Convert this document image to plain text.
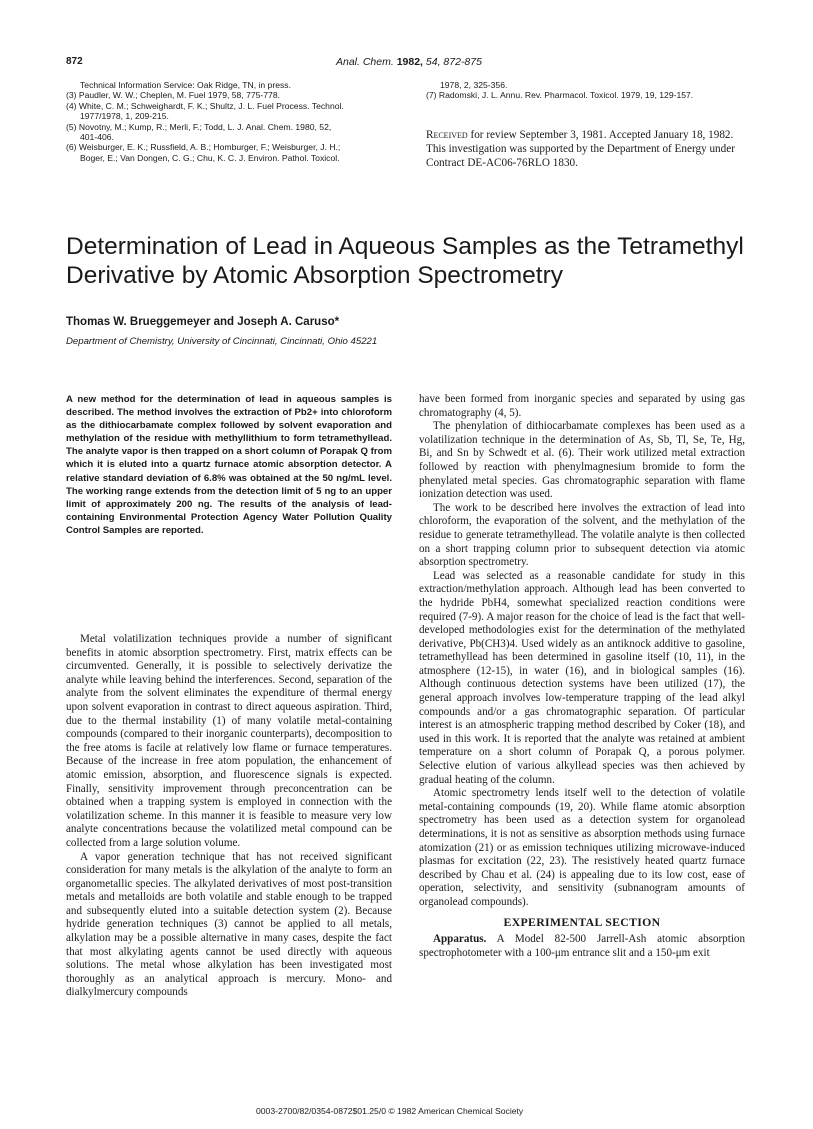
872	Anal. Chem. 1982, 54, 872-875
Technical Information Service: Oak Ridge, TN, in press.
(3) Paudler, W. W.; Cheplen, M. Fuel 1979, 58, 775-778.
(4) White, C. M.; Schweighardt, F. K.; Shultz, J. L. Fuel Process. Technol.
1977/1978, 1, 209-215.
(5) Novotny, M.; Kump, R.; Merli, F.; Todd, L. J. Anal. Chem. 1980, 52,
401-406.
(6) Weisburger, E. K.; Russfield, A. B.; Homburger, F.; Weisburger, J. H.;
Boger, E.; Van Dongen, C. G.; Chu, K. C. J. Environ. Pathol. Toxicol.
1978, 2, 325-356.
(7) Radomski, J. L. Annu. Rev. Pharmacol. Toxicol. 1979, 19, 129-157.
Received for review September 3, 1981. Accepted January 18, 1982. This investigation was supported by the Department of Energy under Contract DE-AC06-76RLO 1830.
Determination of Lead in Aqueous Samples as the Tetramethyl Derivative by Atomic Absorption Spectrometry
Thomas W. Brueggemeyer and Joseph A. Caruso*
Department of Chemistry, University of Cincinnati, Cincinnati, Ohio 45221
A new method for the determination of lead in aqueous samples is described. The method involves the extraction of Pb2+ into chloroform as the dithiocarbamate complex followed by solvent evaporation and methylation of the residue with methyllithium to form tetramethyllead. The analyte vapor is then trapped on a short column of Porapak Q from which it is eluted into a quartz furnace atomic absorption detector. A relative standard deviation of 6.8% was obtained at the 50 ng/mL level. The working range extends from the detection limit of 5 ng to an upper limit of approximately 200 ng. The results of the analysis of lead-containing Environmental Protection Agency Water Pollution Quality Control Samples are reported.

Metal volatilization techniques provide a number of significant benefits in atomic absorption spectrometry. First, matrix effects can be circumvented. Generally, it is possible to selectively derivatize the analyte while leaving behind the interferences. Second, separation of the analyte from the solvent eliminates the expenditure of thermal energy upon solvent evaporation in contrast to direct aqueous aspiration. Third, due to the thermal instability (1) of many volatile metal-containing compounds (compared to their inorganic counterparts), decomposition to the free atoms is facile at relatively low flame or furnace temperatures. Because of the increase in free atom population, the enhancement of atomic emission, absorption, and fluorescence signals is expected. Finally, sensitivity improvement through preconcentration can be obtained when a trapping system is employed in connection with the volatilization scheme. In this manner it is feasible to measure very low analyte concentrations because the volatilized metal compound can be collected from a large solution volume.

A vapor generation technique that has not received significant consideration for many metals is the alkylation of the analyte to form an organometallic species. The alkylated derivatives of most post-transition metals and metalloids are both volatile and stable enough to be trapped and subsequently eluted into a suitable detection system (2). Because hydride generation techniques (3) cannot be applied to all metals, alkylation may be a possible alternative in many cases, despite the fact that most alkylating agents cannot be used directly with aqueous solutions. The metal whose alkylation has been investigated most thoroughly as an analytical approach is mercury. Mono- and dialkylmercury compounds

have been formed from inorganic species and separated by using gas chromatography (4, 5).

The phenylation of dithiocarbamate complexes has been used as a volatilization technique in the determination of As, Sb, Tl, Se, Te, Hg, Bi, and Sn by Schwedt et al. (6). Their work utilized metal extraction followed by reaction with phenylmagnesium bromide to form the phenylated metal species. Gas chromatographic separation with flame ionization detection was used.

The work to be described here involves the extraction of lead into chloroform, the evaporation of the solvent, and the methylation of the residue to generate tetramethyllead. The volatile analyte is then collected on a short trapping column prior to subsequent detection via atomic absorption spectrometry.

Lead was selected as a reasonable candidate for study in this extraction/methylation approach. Although lead has been converted to the hydride PbH4, somewhat specialized reaction conditions were required (7-9). A major reason for the choice of lead is the fact that well-developed methodologies exist for the determination of the methylated derivative, Pb(CH3)4. Used widely as an antiknock additive to gasoline, tetramethyllead has been determined in gasoline itself (10, 11), in the atmosphere (12-15), in water (16), and in biological samples (16). Although continuous detection systems have been utilized (17), the general approach involves low-temperature trapping of the lead alkyl compounds and/or a gas chromatographic separation. Of particular interest is an atmospheric trapping method described by Coker (18), and used in this work. It is reported that the analyte was retained at ambient temperature on a short column of Porapak Q, a porous polymer. Selective elution of various alkyllead species was then achieved by gradual heating of the column.

Atomic spectrometry lends itself well to the detection of volatile metal-containing compounds (19, 20). While flame atomic absorption spectrometry has been used as a detection system for organolead determinations, it is not as sensitive as absorption methods using furnace atomization (21) or as emission techniques utilizing microwave-induced plasmas for excitation (22, 23). The resistively heated quartz furnace described by Chau et al. (24) is appealing due to its low cost, ease of operation, selectivity, and sensitivity (subnanogram amounts of organolead compounds).

EXPERIMENTAL SECTION

Apparatus. A Model 82-500 Jarrell-Ash atomic absorption spectrophotometer with a 100-μm entrance slit and a 150-μm exit

0003-2700/82/0354-0872$01.25/0 © 1982 American Chemical Society
